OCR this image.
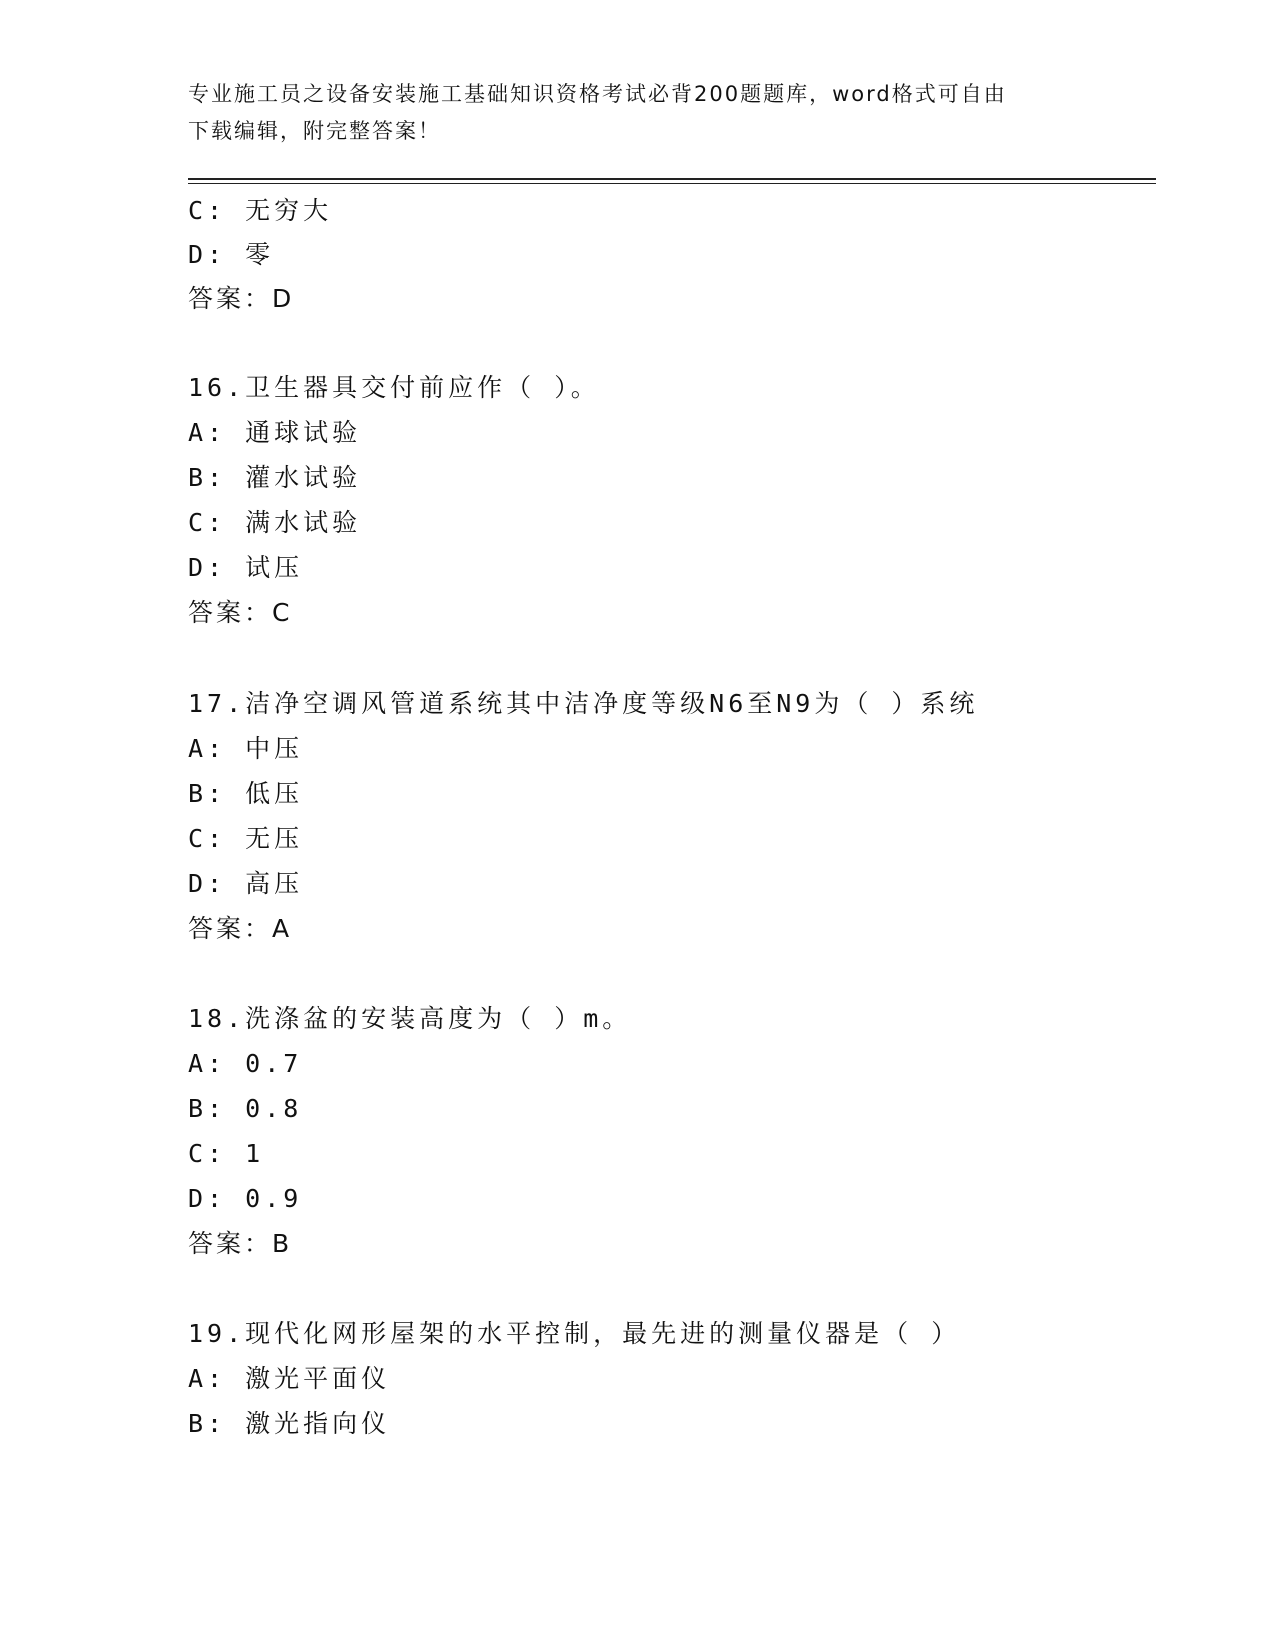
专业施工员之设备安装施工基础知识资格考试必背200题题库，word格式可自由
下载编辑，附完整答案！
C: 无穷大
D: 零
答案：D
16.卫生器具交付前应作（ ）。
A: 通球试验
B: 灌水试验
C: 满水试验
D: 试压
答案：C
17.洁净空调风管道系统其中洁净度等级N6至N9为（ ）系统
A: 中压
B: 低压
C: 无压
D: 高压
答案：A
18.洗涤盆的安装高度为（ ）m。
A: 0.7
B: 0.8
C: 1
D: 0.9
答案：B
19.现代化网形屋架的水平控制，最先进的测量仪器是（ ）
A: 激光平面仪
B: 激光指向仪
